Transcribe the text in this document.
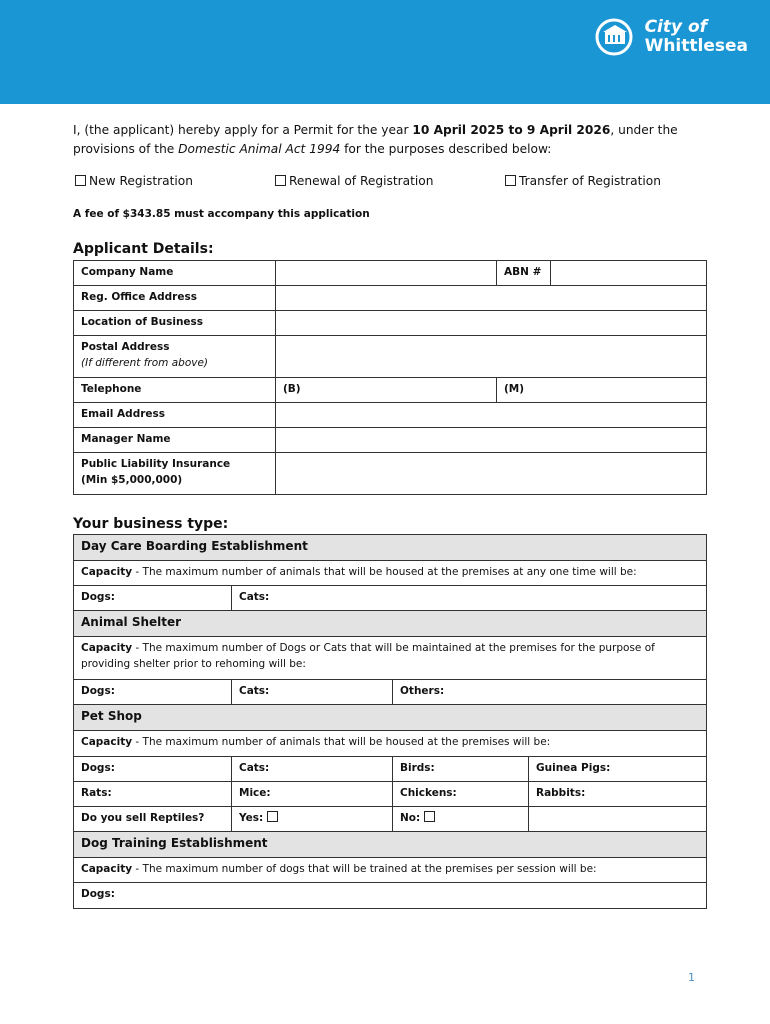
City of
Whittlesea
I, (the applicant) hereby apply for a Permit for the year 10 April 2025 to 9 April 2026, under the provisions of the Domestic Animal Act 1994 for the purposes described below:
New Registration	Renewal of Registration	Transfer of Registration
A fee of $343.85 must accompany this application
Applicant Details:
Company Name		ABN #	
Reg. Office Address			
Location of Business			

Postal Address
(If different from above)			

Telephone	(B)	(M)	
Email Address			
Manager Name			

Public Liability Insurance
(Min $5,000,000)			

Your business type:
Day Care Boarding Establishment			
Capacity - The maximum number of animals that will be housed at the premises at any one time will be:			
Dogs:	Cats:		
Animal Shelter			
Capacity - The maximum number of Dogs or Cats that will be maintained at the premises for the purpose of providing shelter prior to rehoming will be:			
Dogs:	Cats:	Others:	
Pet Shop			
Capacity - The maximum number of animals that will be housed at the premises will be:			
Dogs:	Cats:	Birds:	Guinea Pigs:
Rats:	Mice:	Chickens:	Rabbits:
Do you sell Reptiles?	Yes:	No:	
Dog Training Establishment			
Capacity - The maximum number of dogs that will be trained at the premises per session will be:			
Dogs:			
1
